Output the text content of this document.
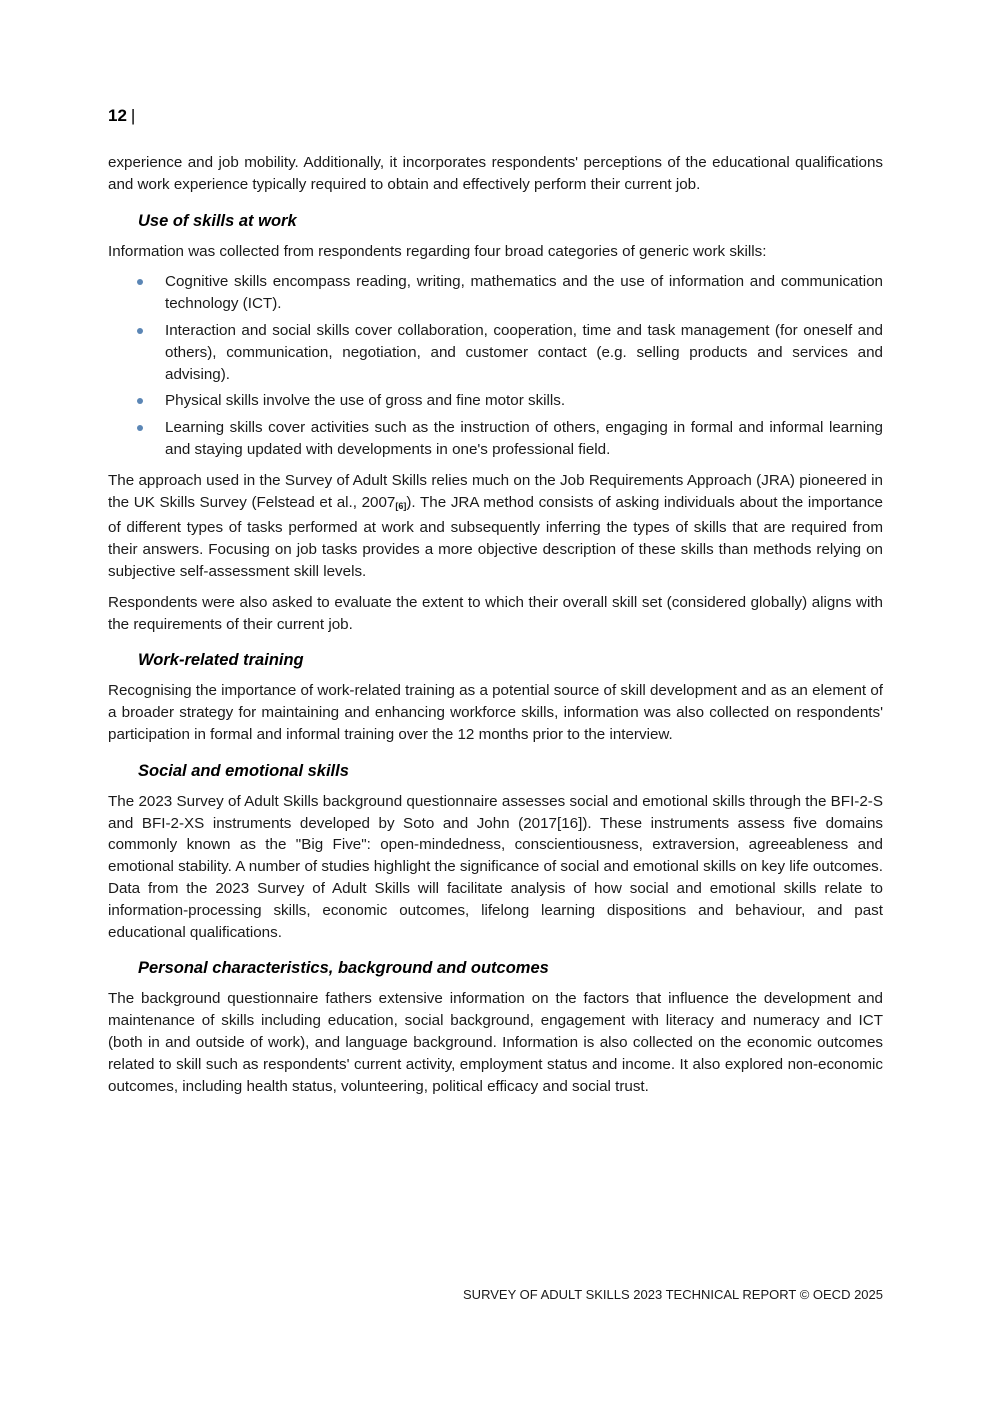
12 |

experience and job mobility. Additionally, it incorporates respondents' perceptions of the educational qualifications and work experience typically required to obtain and effectively perform their current job.

Use of skills at work

Information was collected from respondents regarding four broad categories of generic work skills:

Cognitive skills encompass reading, writing, mathematics and the use of information and communication technology (ICT).
Interaction and social skills cover collaboration, cooperation, time and task management (for oneself and others), communication, negotiation, and customer contact (e.g. selling products and services and advising).
Physical skills involve the use of gross and fine motor skills.
Learning skills cover activities such as the instruction of others, engaging in formal and informal learning and staying updated with developments in one's professional field.

The approach used in the Survey of Adult Skills relies much on the Job Requirements Approach (JRA) pioneered in the UK Skills Survey (Felstead et al., $2007_{[6]}$). The JRA method consists of asking individuals about the importance of different types of tasks performed at work and subsequently inferring the types of skills that are required from their answers. Focusing on job tasks provides a more objective description of these skills than methods relying on subjective self-assessment skill levels.

Respondents were also asked to evaluate the extent to which their overall skill set (considered globally) aligns with the requirements of their current job.

Work-related training

Recognising the importance of work-related training as a potential source of skill development and as an element of a broader strategy for maintaining and enhancing workforce skills, information was also collected on respondents' participation in formal and informal training over the 12 months prior to the interview.

Social and emotional skills

The 2023 Survey of Adult Skills background questionnaire assesses social and emotional skills through the BFI-2-S and BFI-2-XS instruments developed by Soto and John (2017[16]). These instruments assess five domains commonly known as the "Big Five": open-mindedness, conscientiousness, extraversion, agreeableness and emotional stability. A number of studies highlight the significance of social and emotional skills on key life outcomes. Data from the 2023 Survey of Adult Skills will facilitate analysis of how social and emotional skills relate to information-processing skills, economic outcomes, lifelong learning dispositions and behaviour, and past educational qualifications.

Personal characteristics, background and outcomes

The background questionnaire fathers extensive information on the factors that influence the development and maintenance of skills including education, social background, engagement with literacy and numeracy and ICT (both in and outside of work), and language background. Information is also collected on the economic outcomes related to skill such as respondents' current activity, employment status and income. It also explored non-economic outcomes, including health status, volunteering, political efficacy and social trust.

SURVEY OF ADULT SKILLS 2023 TECHNICAL REPORT © OECD 2025
